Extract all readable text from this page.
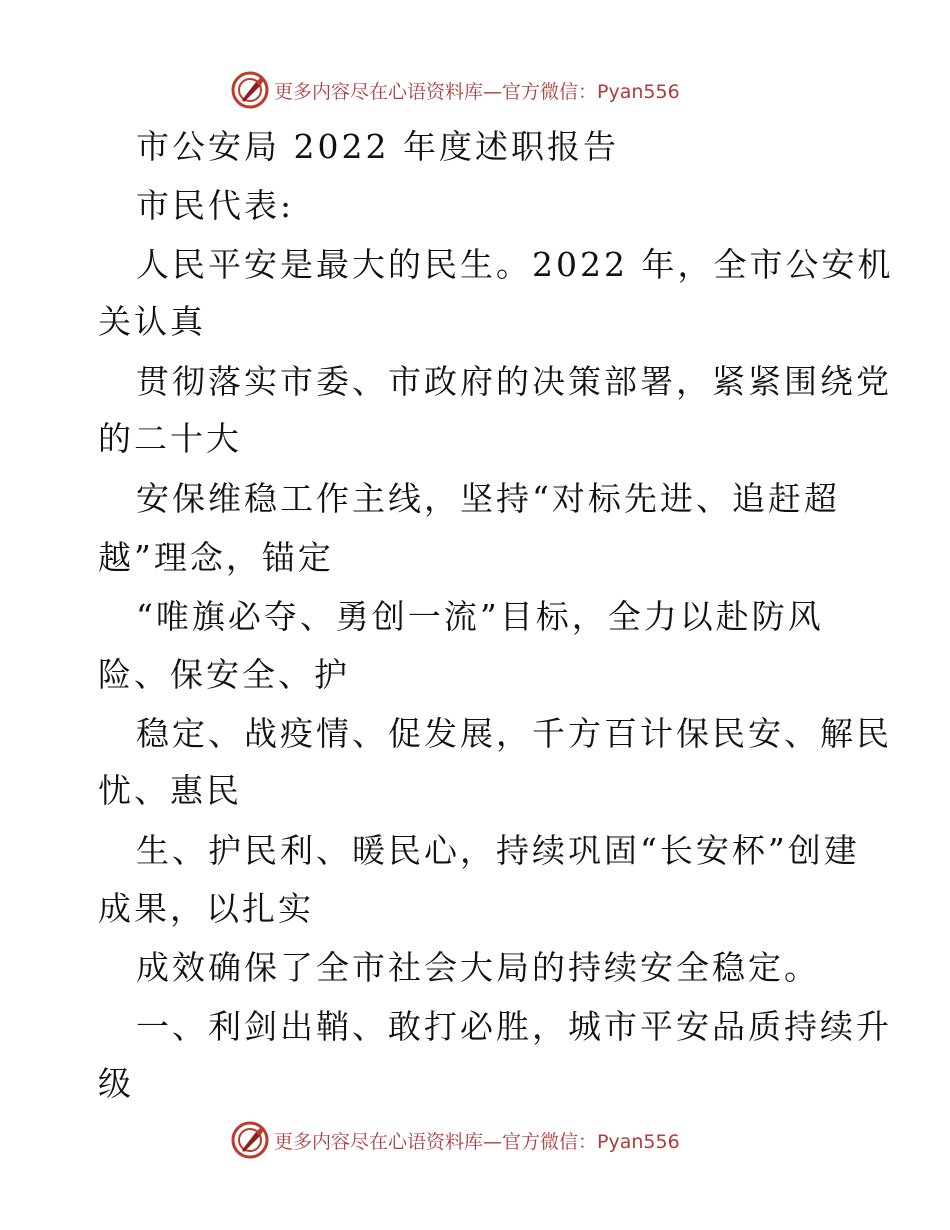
更多内容尽在心语资料库—官方微信：Pyan556
市公安局 2022 年度述职报告
市民代表:
人民平安是最大的民生。2022 年，全市公安机
关认真
贯彻落实市委、市政府的决策部署，紧紧围绕党
的二十大
安保维稳工作主线，坚持“对标先进、追赶超
越”理念，锚定
“唯旗必夺、勇创一流”目标，全力以赴防风
险、保安全、护
稳定、战疫情、促发展，千方百计保民安、解民
忧、惠民
生、护民利、暖民心，持续巩固“长安杯”创建
成果，以扎实
成效确保了全市社会大局的持续安全稳定。
一、利剑出鞘、敢打必胜，城市平安品质持续升
级
更多内容尽在心语资料库—官方微信：Pyan556
